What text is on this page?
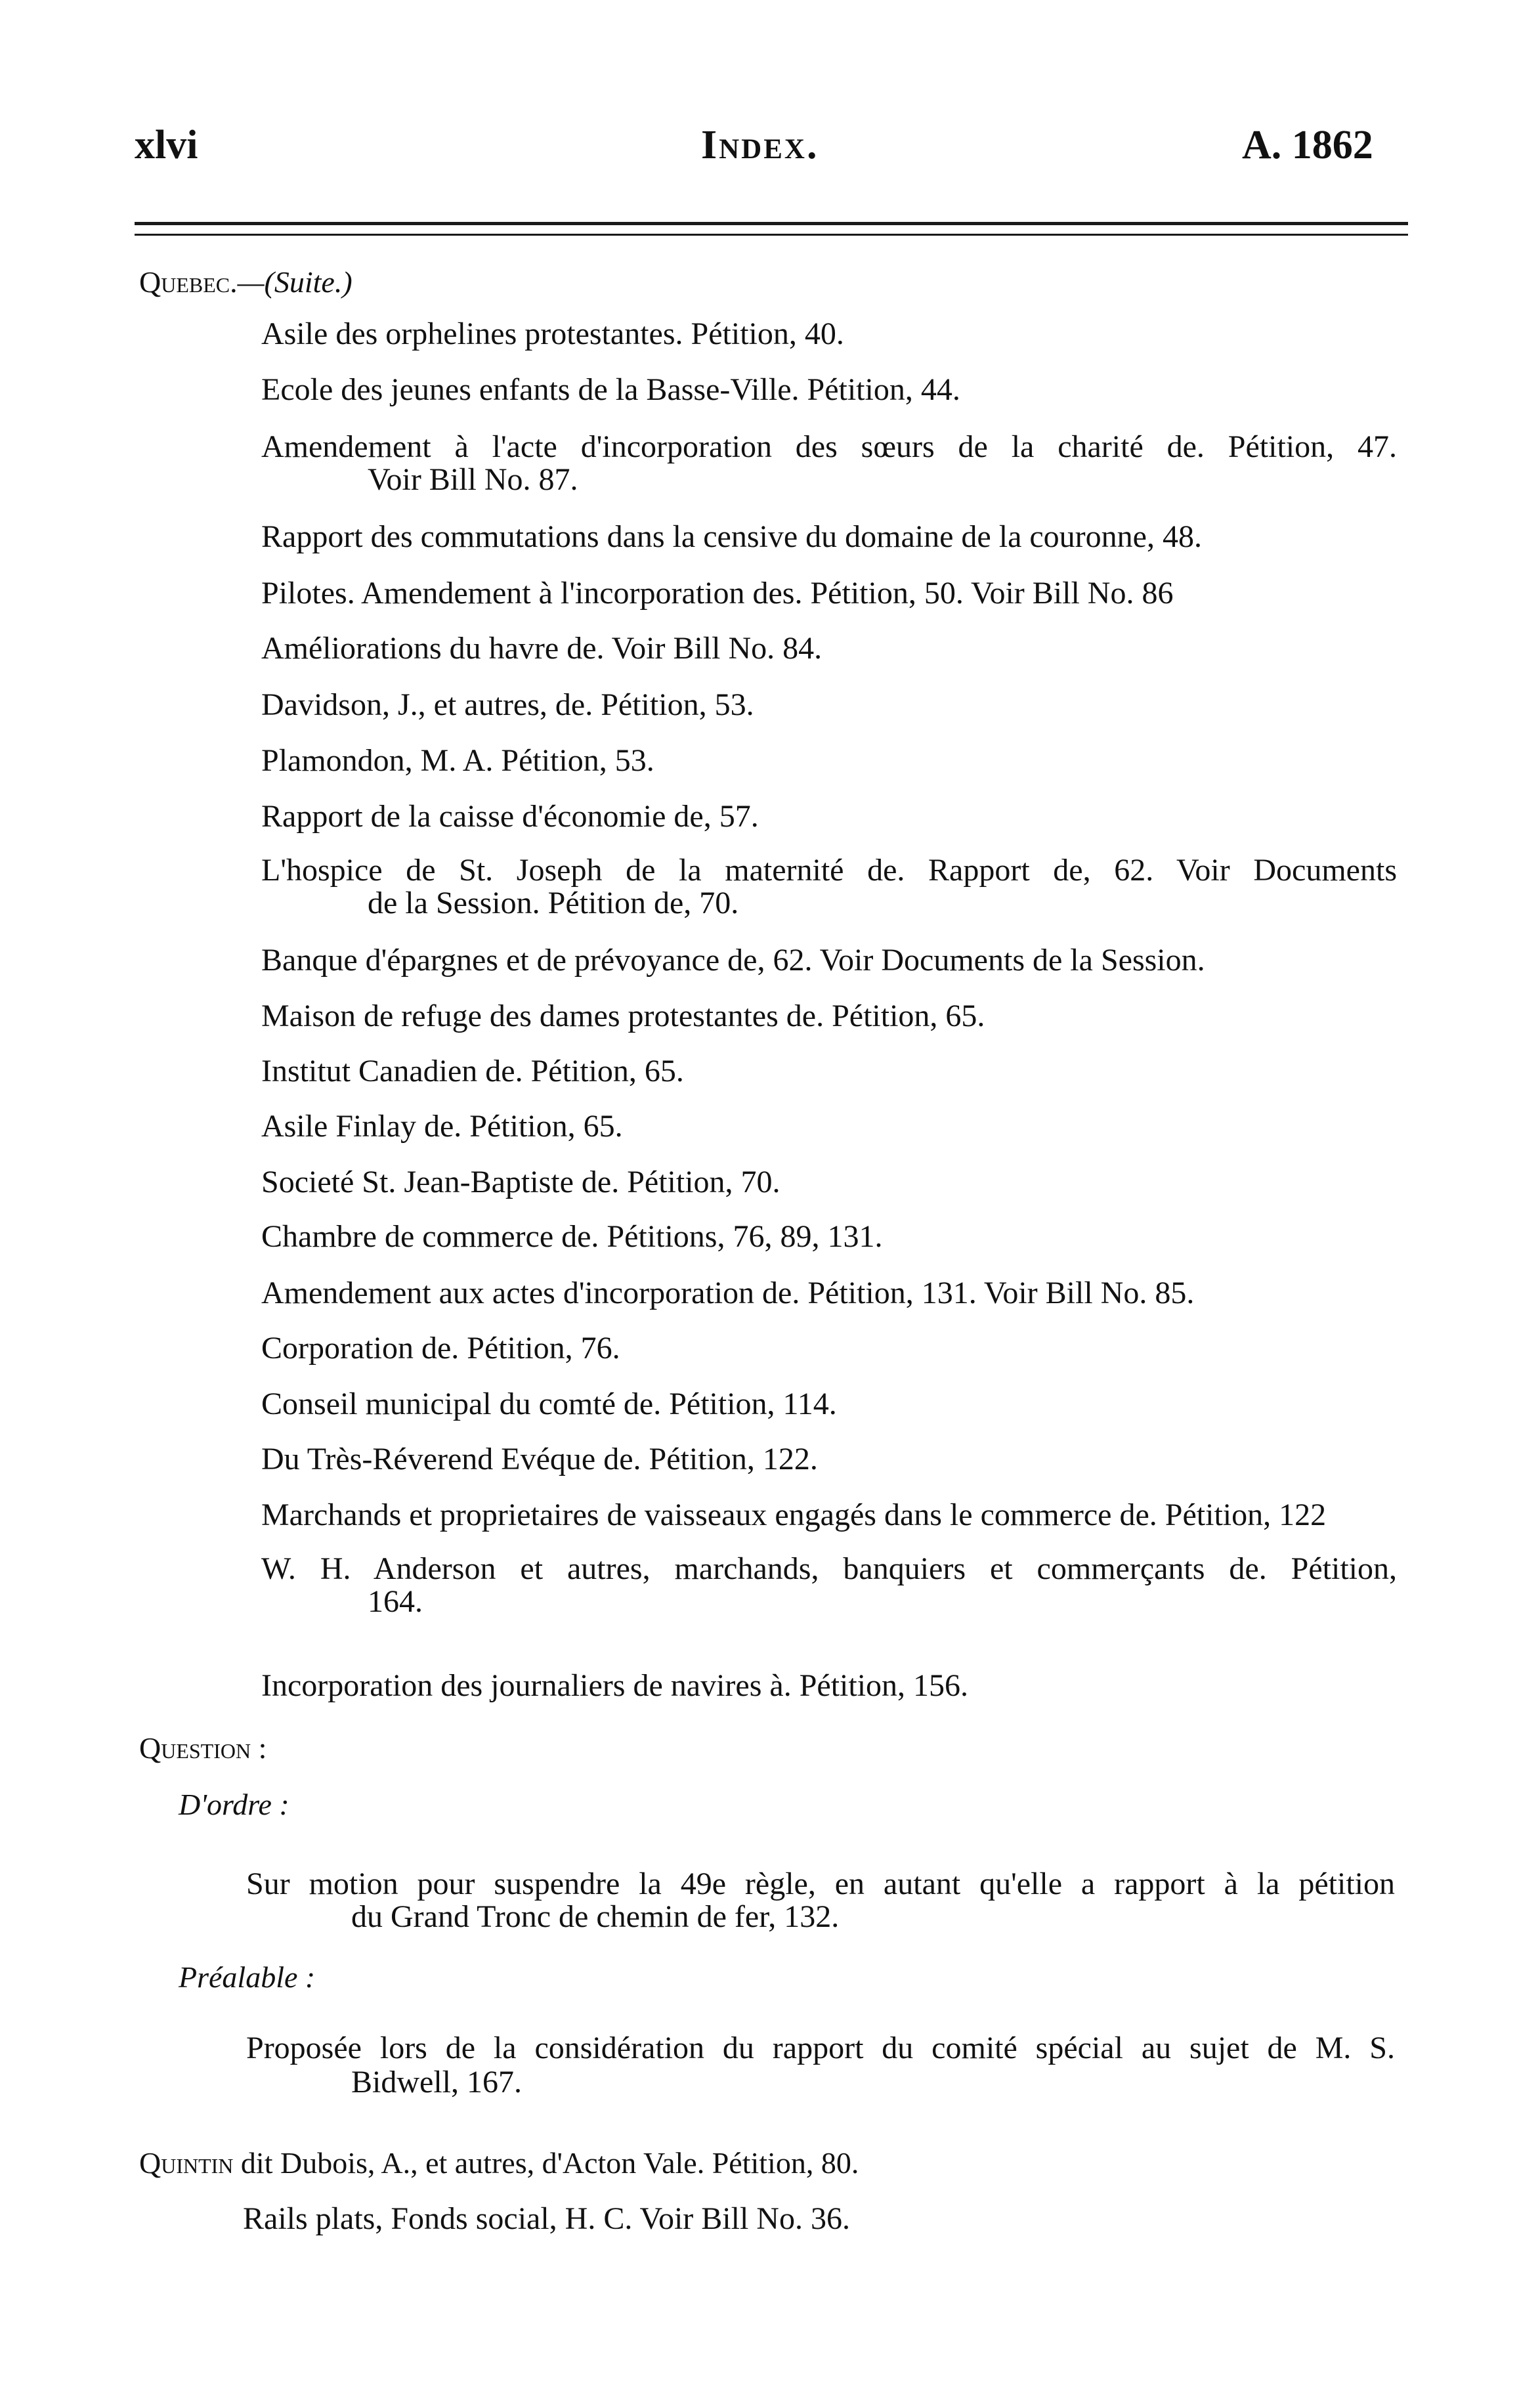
xlvi	Index.	A. 1862
Quebec.—(Suite.)
Asile des orphelines protestantes. Pétition, 40.
Ecole des jeunes enfants de la Basse-Ville. Pétition, 44.
Amendement à l'acte d'incorporation des sœurs de la charité de. Pétition, 47.
Voir Bill No. 87.
Rapport des commutations dans la censive du domaine de la couronne, 48.
Pilotes. Amendement à l'incorporation des. Pétition, 50. Voir Bill No. 86
Améliorations du havre de. Voir Bill No. 84.
Davidson, J., et autres, de. Pétition, 53.
Plamondon, M. A. Pétition, 53.
Rapport de la caisse d'économie de, 57.
L'hospice de St. Joseph de la maternité de. Rapport de, 62. Voir Documents
de la Session. Pétition de, 70.
Banque d'épargnes et de prévoyance de, 62. Voir Documents de la Session.
Maison de refuge des dames protestantes de. Pétition, 65.
Institut Canadien de. Pétition, 65.
Asile Finlay de. Pétition, 65.
Societé St. Jean-Baptiste de. Pétition, 70.
Chambre de commerce de. Pétitions, 76, 89, 131.
Amendement aux actes d'incorporation de. Pétition, 131. Voir Bill No. 85.
Corporation de. Pétition, 76.
Conseil municipal du comté de. Pétition, 114.
Du Très-Réverend Evéque de. Pétition, 122.
Marchands et proprietaires de vaisseaux engagés dans le commerce de. Pétition, 122
W. H. Anderson et autres, marchands, banquiers et commerçants de. Pétition,
164.
Incorporation des journaliers de navires à. Pétition, 156.
Question :
D'ordre :
Sur motion pour suspendre la 49e règle, en autant qu'elle a rapport à la pétition
du Grand Tronc de chemin de fer, 132.
Préalable :
Proposée lors de la considération du rapport du comité spécial au sujet de M. S.
Bidwell, 167.
Quintin dit Dubois, A., et autres, d'Acton Vale. Pétition, 80.
Rails plats, Fonds social, H. C. Voir Bill No. 36.
